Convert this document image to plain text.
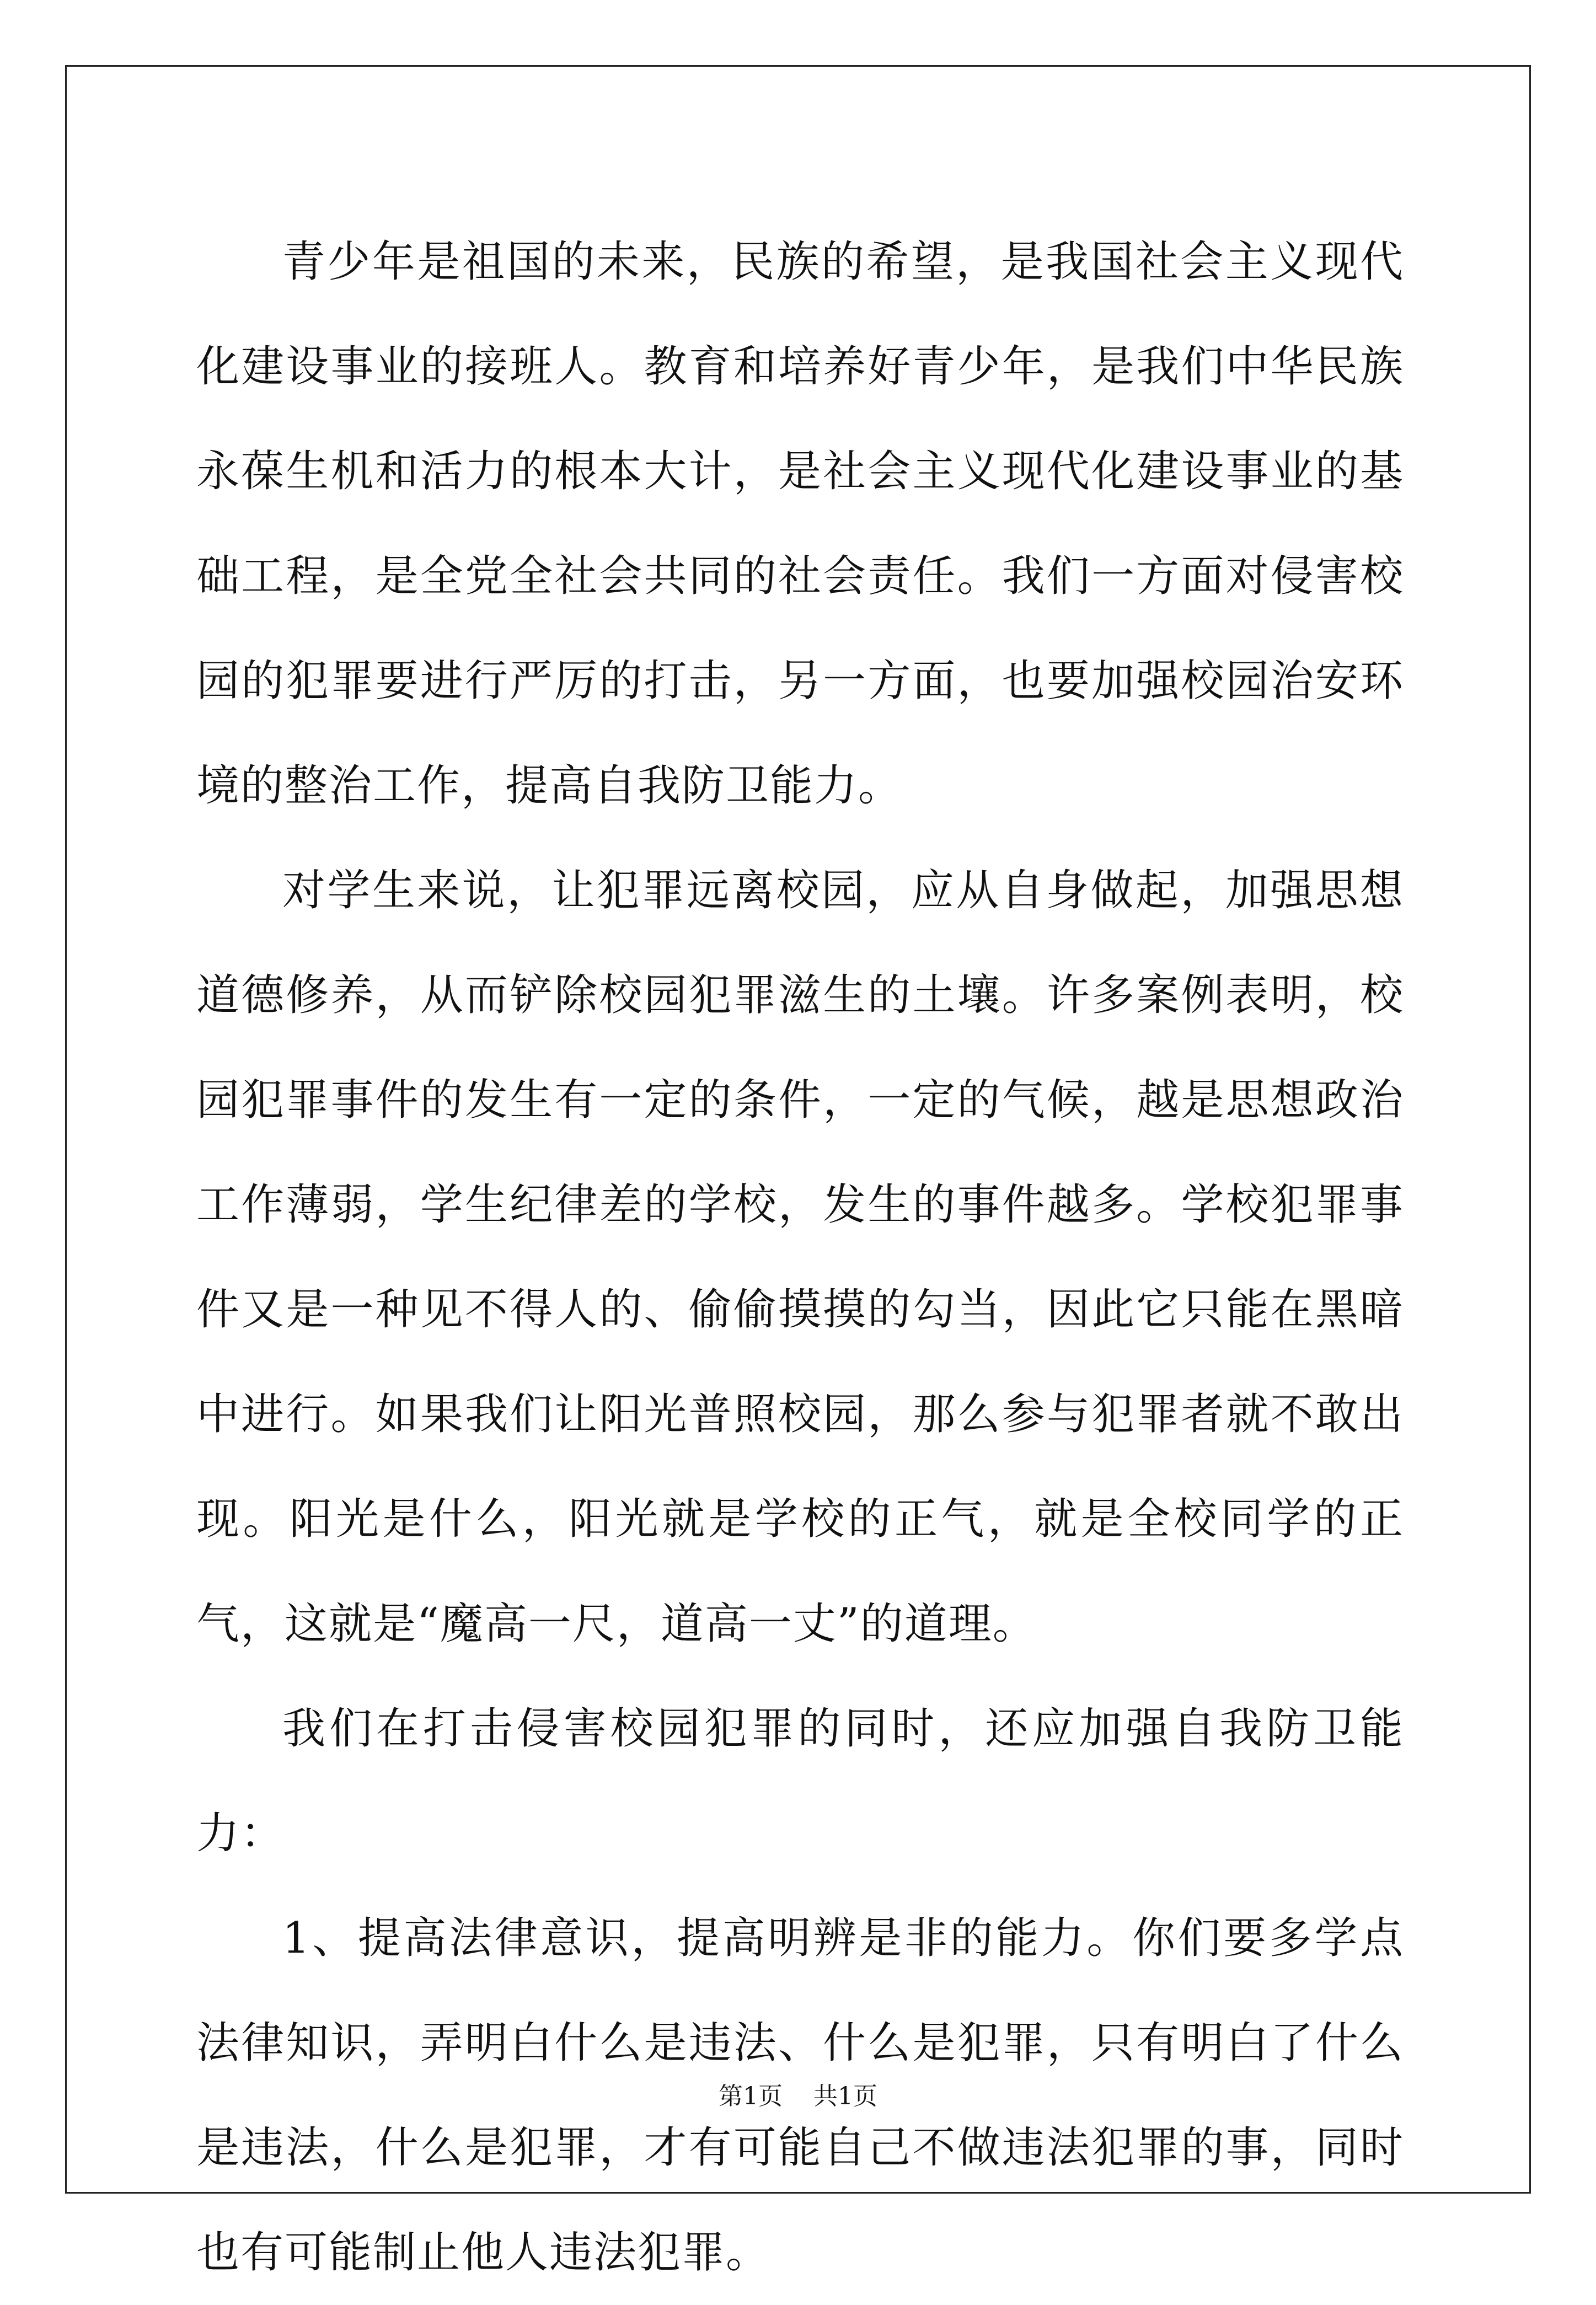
青少年是祖国的未来，民族的希望，是我国社会主义现代化建设事业的接班人。教育和培养好青少年，是我们中华民族永葆生机和活力的根本大计，是社会主义现代化建设事业的基础工程，是全党全社会共同的社会责任。我们一方面对侵害校园的犯罪要进行严厉的打击，另一方面，也要加强校园治安环境的整治工作，提高自我防卫能力。

对学生来说，让犯罪远离校园，应从自身做起，加强思想道德修养，从而铲除校园犯罪滋生的土壤。许多案例表明，校园犯罪事件的发生有一定的条件，一定的气候，越是思想政治工作薄弱，学生纪律差的学校，发生的事件越多。学校犯罪事件又是一种见不得人的、偷偷摸摸的勾当，因此它只能在黑暗中进行。如果我们让阳光普照校园，那么参与犯罪者就不敢出现。阳光是什么，阳光就是学校的正气，就是全校同学的正气，这就是“魔高一尺，道高一丈”的道理。

我们在打击侵害校园犯罪的同时，还应加强自我防卫能力：

1、提高法律意识，提高明辨是非的能力。你们要多学点法律知识，弄明白什么是违法、什么是犯罪，只有明白了什么是违法，什么是犯罪，才有可能自己不做违法犯罪的事，同时也有可能制止他人违法犯罪。

第1页 共1页
